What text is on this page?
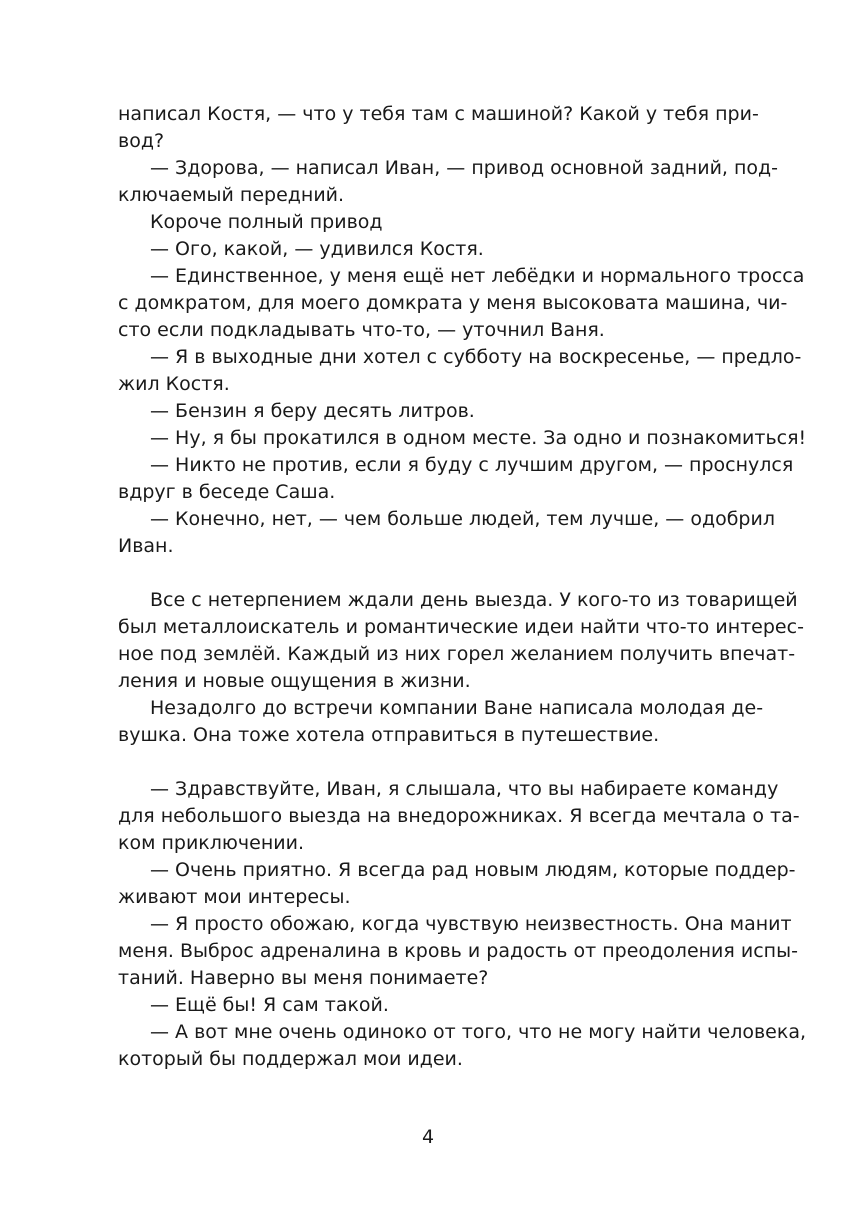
написал Костя, — что у тебя там с машиной? Какой у тебя при-
вод?
— Здорова, — написал Иван, — привод основной задний, под-
ключаемый передний.
Короче полный привод
— Ого, какой, — удивился Костя.
— Единственное, у меня ещё нет лебёдки и нормального тросса
с домкратом, для моего домкрата у меня высоковата машина, чи-
сто если подкладывать что-то, — уточнил Ваня.
— Я в выходные дни хотел с субботу на воскресенье, — предло-
жил Костя.
— Бензин я беру десять литров.
— Ну, я бы прокатился в одном месте. За одно и познакомиться!
— Никто не против, если я буду с лучшим другом, — проснулся
вдруг в беседе Саша.
— Конечно, нет, — чем больше людей, тем лучше, — одобрил
Иван.
Все с нетерпением ждали день выезда. У кого-то из товарищей
был металлоискатель и романтические идеи найти что-то интерес-
ное под землёй. Каждый из них горел желанием получить впечат-
ления и новые ощущения в жизни.
Незадолго до встречи компании Ване написала молодая де-
вушка. Она тоже хотела отправиться в путешествие.
— Здравствуйте, Иван, я слышала, что вы набираете команду
для небольшого выезда на внедорожниках. Я всегда мечтала о та-
ком приключении.
— Очень приятно. Я всегда рад новым людям, которые поддер-
живают мои интересы.
— Я просто обожаю, когда чувствую неизвестность. Она манит
меня. Выброс адреналина в кровь и радость от преодоления испы-
таний. Наверно вы меня понимаете?
— Ещё бы! Я сам такой.
— А вот мне очень одиноко от того, что не могу найти человека,
который бы поддержал мои идеи.
4
